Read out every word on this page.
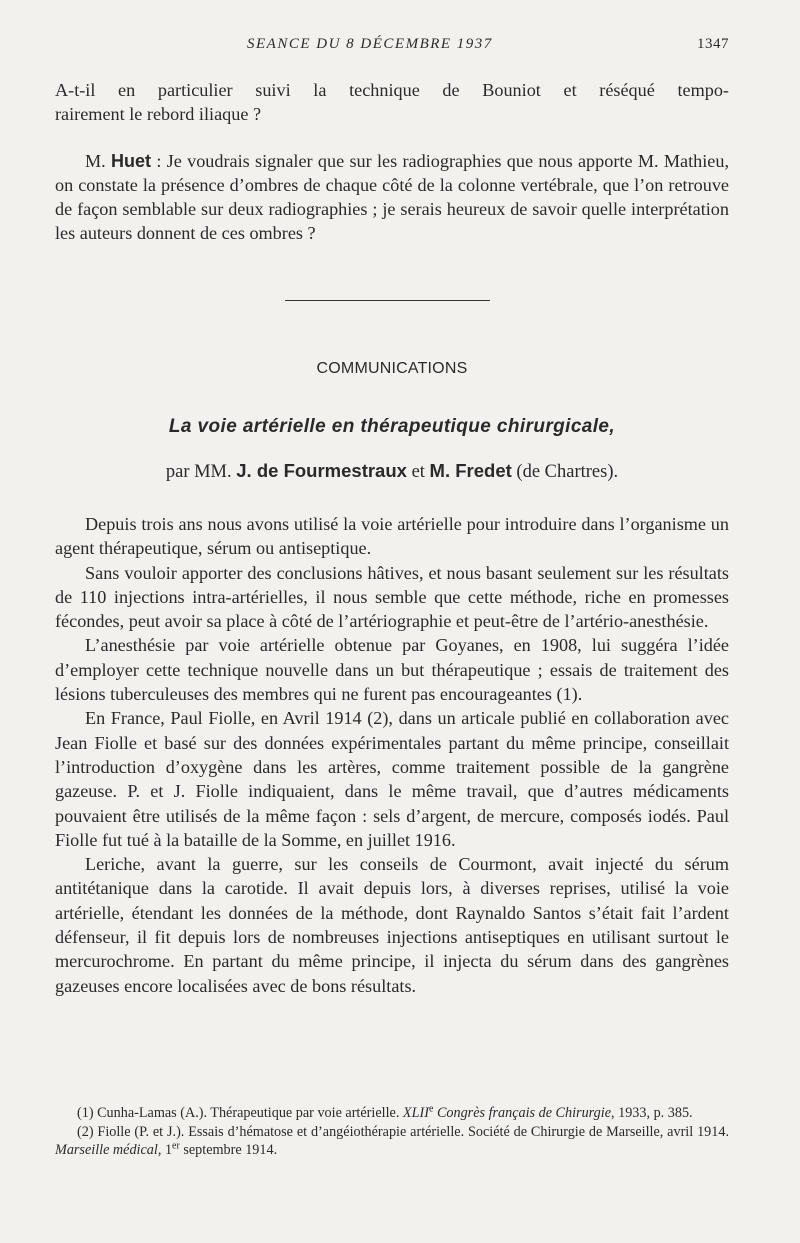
SEANCE DU 8 DÉCEMBRE 1937	1347

A-t-il en particulier suivi la technique de Bouniot et réséqué tempo-

rairement le rebord iliaque ?

M. Huet : Je voudrais signaler que sur les radiographies que nous apporte M. Mathieu, on constate la présence d’ombres de chaque côté de la colonne vertébrale, que l’on retrouve de façon semblable sur deux radiographies ; je serais heureux de savoir quelle interprétation les auteurs donnent de ces ombres ?

COMMUNICATIONS
La voie artérielle en thérapeutique chirurgicale,
par MM. J. de Fourmestraux et M. Fredet (de Chartres).

Depuis trois ans nous avons utilisé la voie artérielle pour introduire dans l’organisme un agent thérapeutique, sérum ou antiseptique.

Sans vouloir apporter des conclusions hâtives, et nous basant seulement sur les résultats de 110 injections intra-artérielles, il nous semble que cette méthode, riche en promesses fécondes, peut avoir sa place à côté de l’artériographie et peut-être de l’artério-anesthésie.

L’anesthésie par voie artérielle obtenue par Goyanes, en 1908, lui suggéra l’idée d’employer cette technique nouvelle dans un but thérapeutique ; essais de traitement des lésions tuberculeuses des membres qui ne furent pas encourageantes (1).

En France, Paul Fiolle, en Avril 1914 (2), dans un articale publié en collaboration avec Jean Fiolle et basé sur des données expérimentales partant du même principe, conseillait l’introduction d’oxygène dans les artères, comme traitement possible de la gangrène gazeuse. P. et J. Fiolle indiquaient, dans le même travail, que d’autres médicaments pouvaient être utilisés de la même façon : sels d’argent, de mercure, composés iodés. Paul Fiolle fut tué à la bataille de la Somme, en juillet 1916.

Leriche, avant la guerre, sur les conseils de Courmont, avait injecté du sérum antitétanique dans la carotide. Il avait depuis lors, à diverses reprises, utilisé la voie artérielle, étendant les données de la méthode, dont Raynaldo Santos s’était fait l’ardent défenseur, il fit depuis lors de nombreuses injections antiseptiques en utilisant surtout le mercurochrome. En partant du même principe, il injecta du sérum dans des gangrènes gazeuses encore localisées avec de bons résultats.

(1) Cunha-Lamas (A.). Thérapeutique par voie artérielle. XLIIe Congrès français de Chirurgie, 1933, p. 385.

(2) Fiolle (P. et J.). Essais d’hématose et d’angéiothérapie artérielle. Société de Chirurgie de Marseille, avril 1914. Marseille médical, 1er septembre 1914.
